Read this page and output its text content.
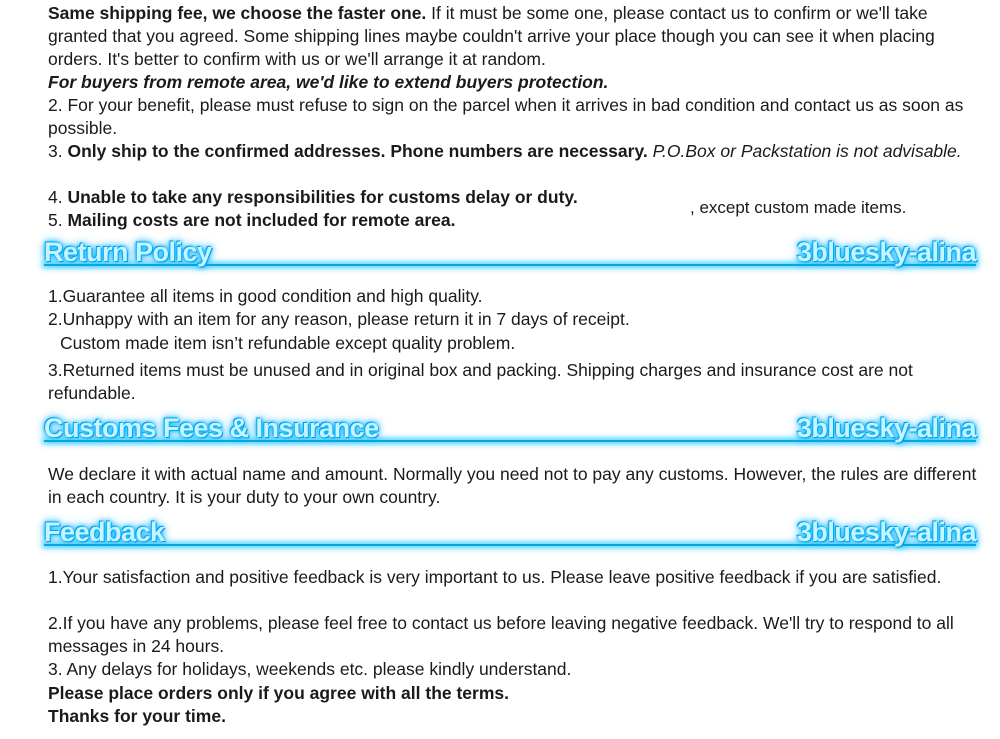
Same shipping fee, we choose the faster one. If it must be some one, please contact us to confirm or we'll take granted that you agreed. Some shipping lines maybe couldn't arrive your place though you can see it when placing orders. It's better to confirm with us or we'll arrange it at random.

For buyers from remote area, we'd like to extend buyers protection.

2. For your benefit, please must refuse to sign on the parcel when it arrives in bad condition and contact us as soon as possible.

3. Only ship to the confirmed addresses. Phone numbers are necessary. P.O.Box or Packstation is not advisable.

4. Unable to take any responsibilities for customs delay or duty.

, except custom made items.

5. Mailing costs are not included for remote area.

Return Policy	3bluesky-alina

1.Guarantee all items in good condition and high quality.

2.Unhappy with an item for any reason, please return it in 7 days of receipt.

Custom made item isn’t refundable except quality problem.

3.Returned items must be unused and in original box and packing. Shipping charges and insurance cost are not refundable.

Customs Fees & Insurance	3bluesky-alina

We declare it with actual name and amount. Normally you need not to pay any customs. However, the rules are different in each country. It is your duty to your own country.

Feedback	3bluesky-alina

1.Your satisfaction and positive feedback is very important to us. Please leave positive feedback if you are satisfied.

2.If you have any problems, please feel free to contact us before leaving negative feedback. We'll try to respond to all messages in 24 hours.

3. Any delays for holidays, weekends etc. please kindly understand.

Please place orders only if you agree with all the terms.

Thanks for your time.
